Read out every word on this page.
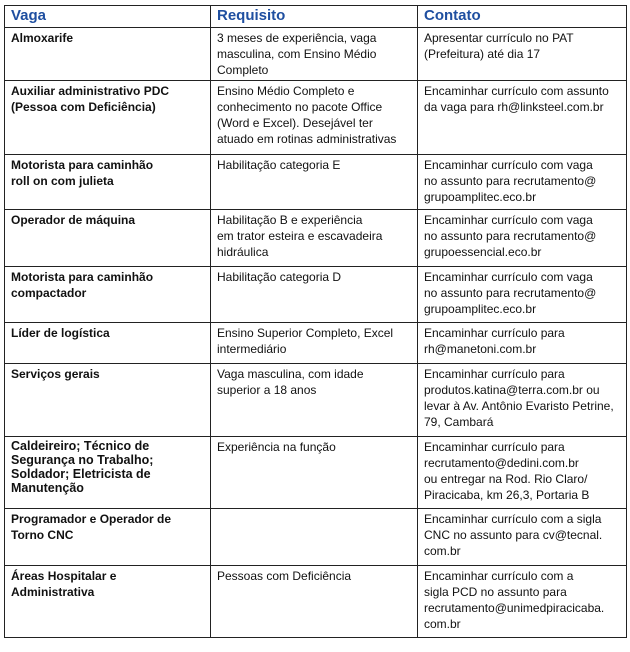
Vaga	Requisito	Contato

Almoxarife	3 meses de experiência, vaga
masculina, com Ensino Médio
Completo	Apresentar currículo no PAT
(Prefeitura) até dia 17

Auxiliar administrativo PDC
(Pessoa com Deficiência)	Ensino Médio Completo e
conhecimento no pacote Office
(Word e Excel). Desejável ter
atuado em rotinas administrativas	Encaminhar currículo com assunto
da vaga para rh@linksteel.com.br

Motorista para caminhão
roll on com julieta	Habilitação categoria E	Encaminhar currículo com vaga
no assunto para recrutamento@
grupoamplitec.eco.br

Operador de máquina	Habilitação B e experiência
em trator esteira e escavadeira
hidráulica	Encaminhar currículo com vaga
no assunto para recrutamento@
grupoessencial.eco.br

Motorista para caminhão
compactador	Habilitação categoria D	Encaminhar currículo com vaga
no assunto para recrutamento@
grupoamplitec.eco.br

Líder de logística	Ensino Superior Completo, Excel
intermediário	Encaminhar currículo para
rh@manetoni.com.br

Serviços gerais	Vaga masculina, com idade
superior a 18 anos	Encaminhar currículo para
produtos.katina@terra.com.br ou
levar à Av. Antônio Evaristo Petrine,
79, Cambará

Caldeireiro; Técnico de
Segurança no Trabalho;
Soldador; Eletricista de
Manutenção	Experiência na função	Encaminhar currículo para
recrutamento@dedini.com.br
ou entregar na Rod. Rio Claro/
Piracicaba, km 26,3, Portaria B

Programador e Operador de
Torno CNC		Encaminhar currículo com a sigla
CNC no assunto para cv@tecnal.
com.br

Áreas Hospitalar e
Administrativa	Pessoas com Deficiência	Encaminhar currículo com a
sigla PCD no assunto para
recrutamento@unimedpiracicaba.
com.br
